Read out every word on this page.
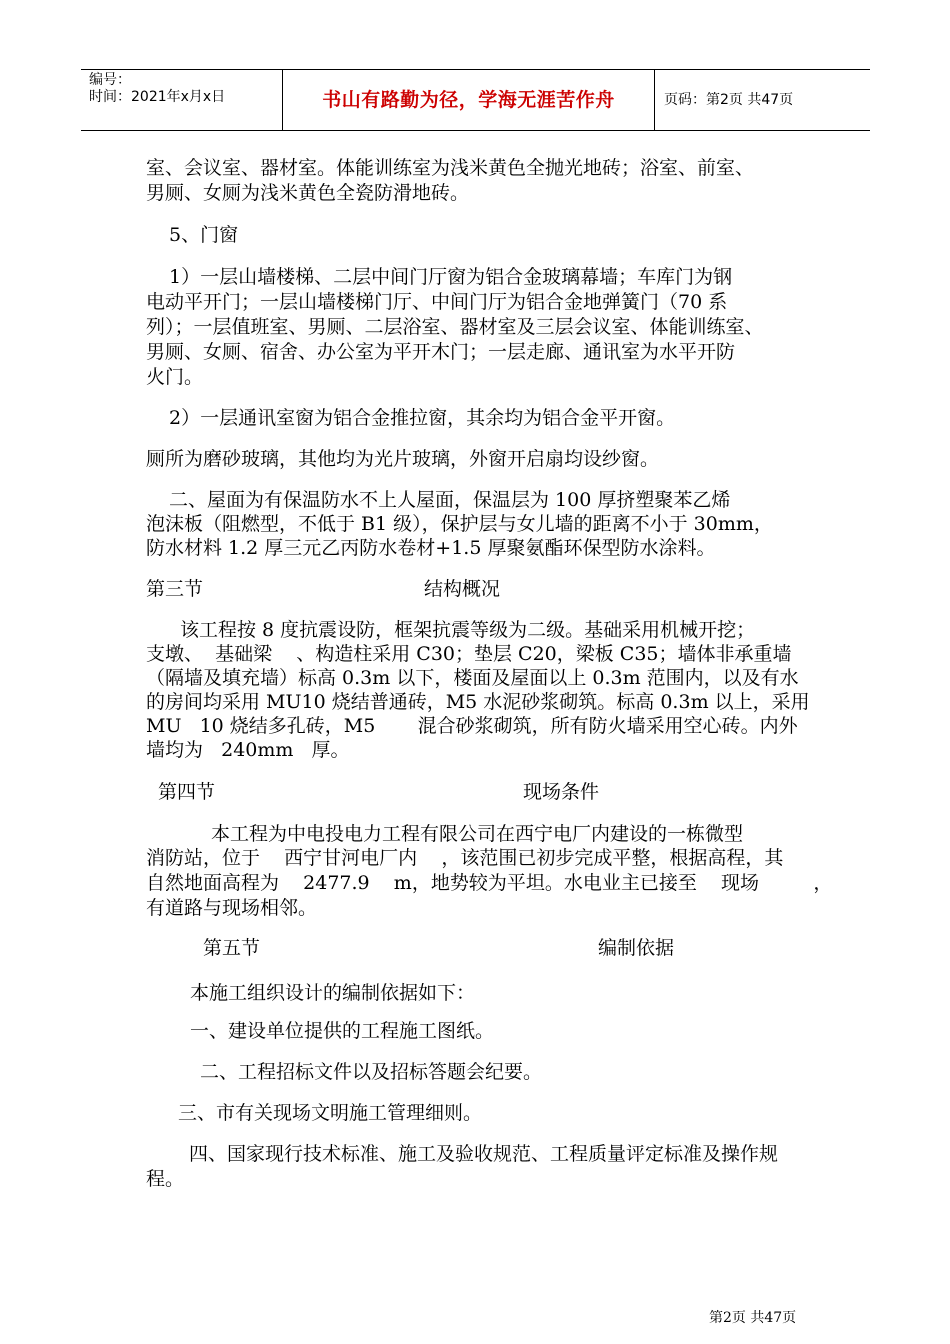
编号：
时间：2021年x月x日	书山有路勤为径，学海无涯苦作舟	页码：第2页 共47页
室、会议室、器材室。体能训练室为浅米黄色全抛光地砖；浴室、前室、
男厕、女厕为浅米黄色全瓷防滑地砖。
5、门窗
1）一层山墙楼梯、二层中间门厅窗为铝合金玻璃幕墙；车库门为钢
电动平开门；一层山墙楼梯门厅、中间门厅为铝合金地弹簧门（70 系
列）；一层值班室、男厕、二层浴室、器材室及三层会议室、体能训练室、
男厕、女厕、宿舍、办公室为平开木门；一层走廊、通讯室为水平开防
火门。
2）一层通讯室窗为铝合金推拉窗，其余均为铝合金平开窗。
厕所为磨砂玻璃，其他均为光片玻璃，外窗开启扇均设纱窗。
二、屋面为有保温防水不上人屋面，保温层为 100 厚挤塑聚苯乙烯
泡沫板（阻燃型，不低于 B1 级），保护层与女儿墙的距离不小于 30mm，
防水材料 1.2 厚三元乙丙防水卷材+1.5 厚聚氨酯环保型防水涂料。
第三节	结构概况
该工程按 8 度抗震设防，框架抗震等级为二级。基础采用机械开挖；
支墩、  基础梁    、构造柱采用 C30；垫层 C20，梁板 C35；墙体非承重墙
（隔墙及填充墙）标高 0.3m 以下，楼面及屋面以上 0.3m 范围内，以及有水
的房间均采用 MU10 烧结普通砖，M5 水泥砂浆砌筑。标高 0.3m 以上，采用
MU   10 烧结多孔砖，M5       混合砂浆砌筑，所有防火墙采用空心砖。内外
墙均为   240mm   厚。
第四节	现场条件
本工程为中电投电力工程有限公司在西宁电厂内建设的一栋微型
消防站，位于    西宁甘河电厂内    ，该范围已初步完成平整，根据高程，其
自然地面高程为    2477.9    m，地势较为平坦。水电业主已接至    现场         ，
有道路与现场相邻。
第五节	编制依据
本施工组织设计的编制依据如下：
一、建设单位提供的工程施工图纸。
二、工程招标文件以及招标答题会纪要。
三、市有关现场文明施工管理细则。
四、国家现行技术标准、施工及验收规范、工程质量评定标准及操作规
程。
第2页 共47页
